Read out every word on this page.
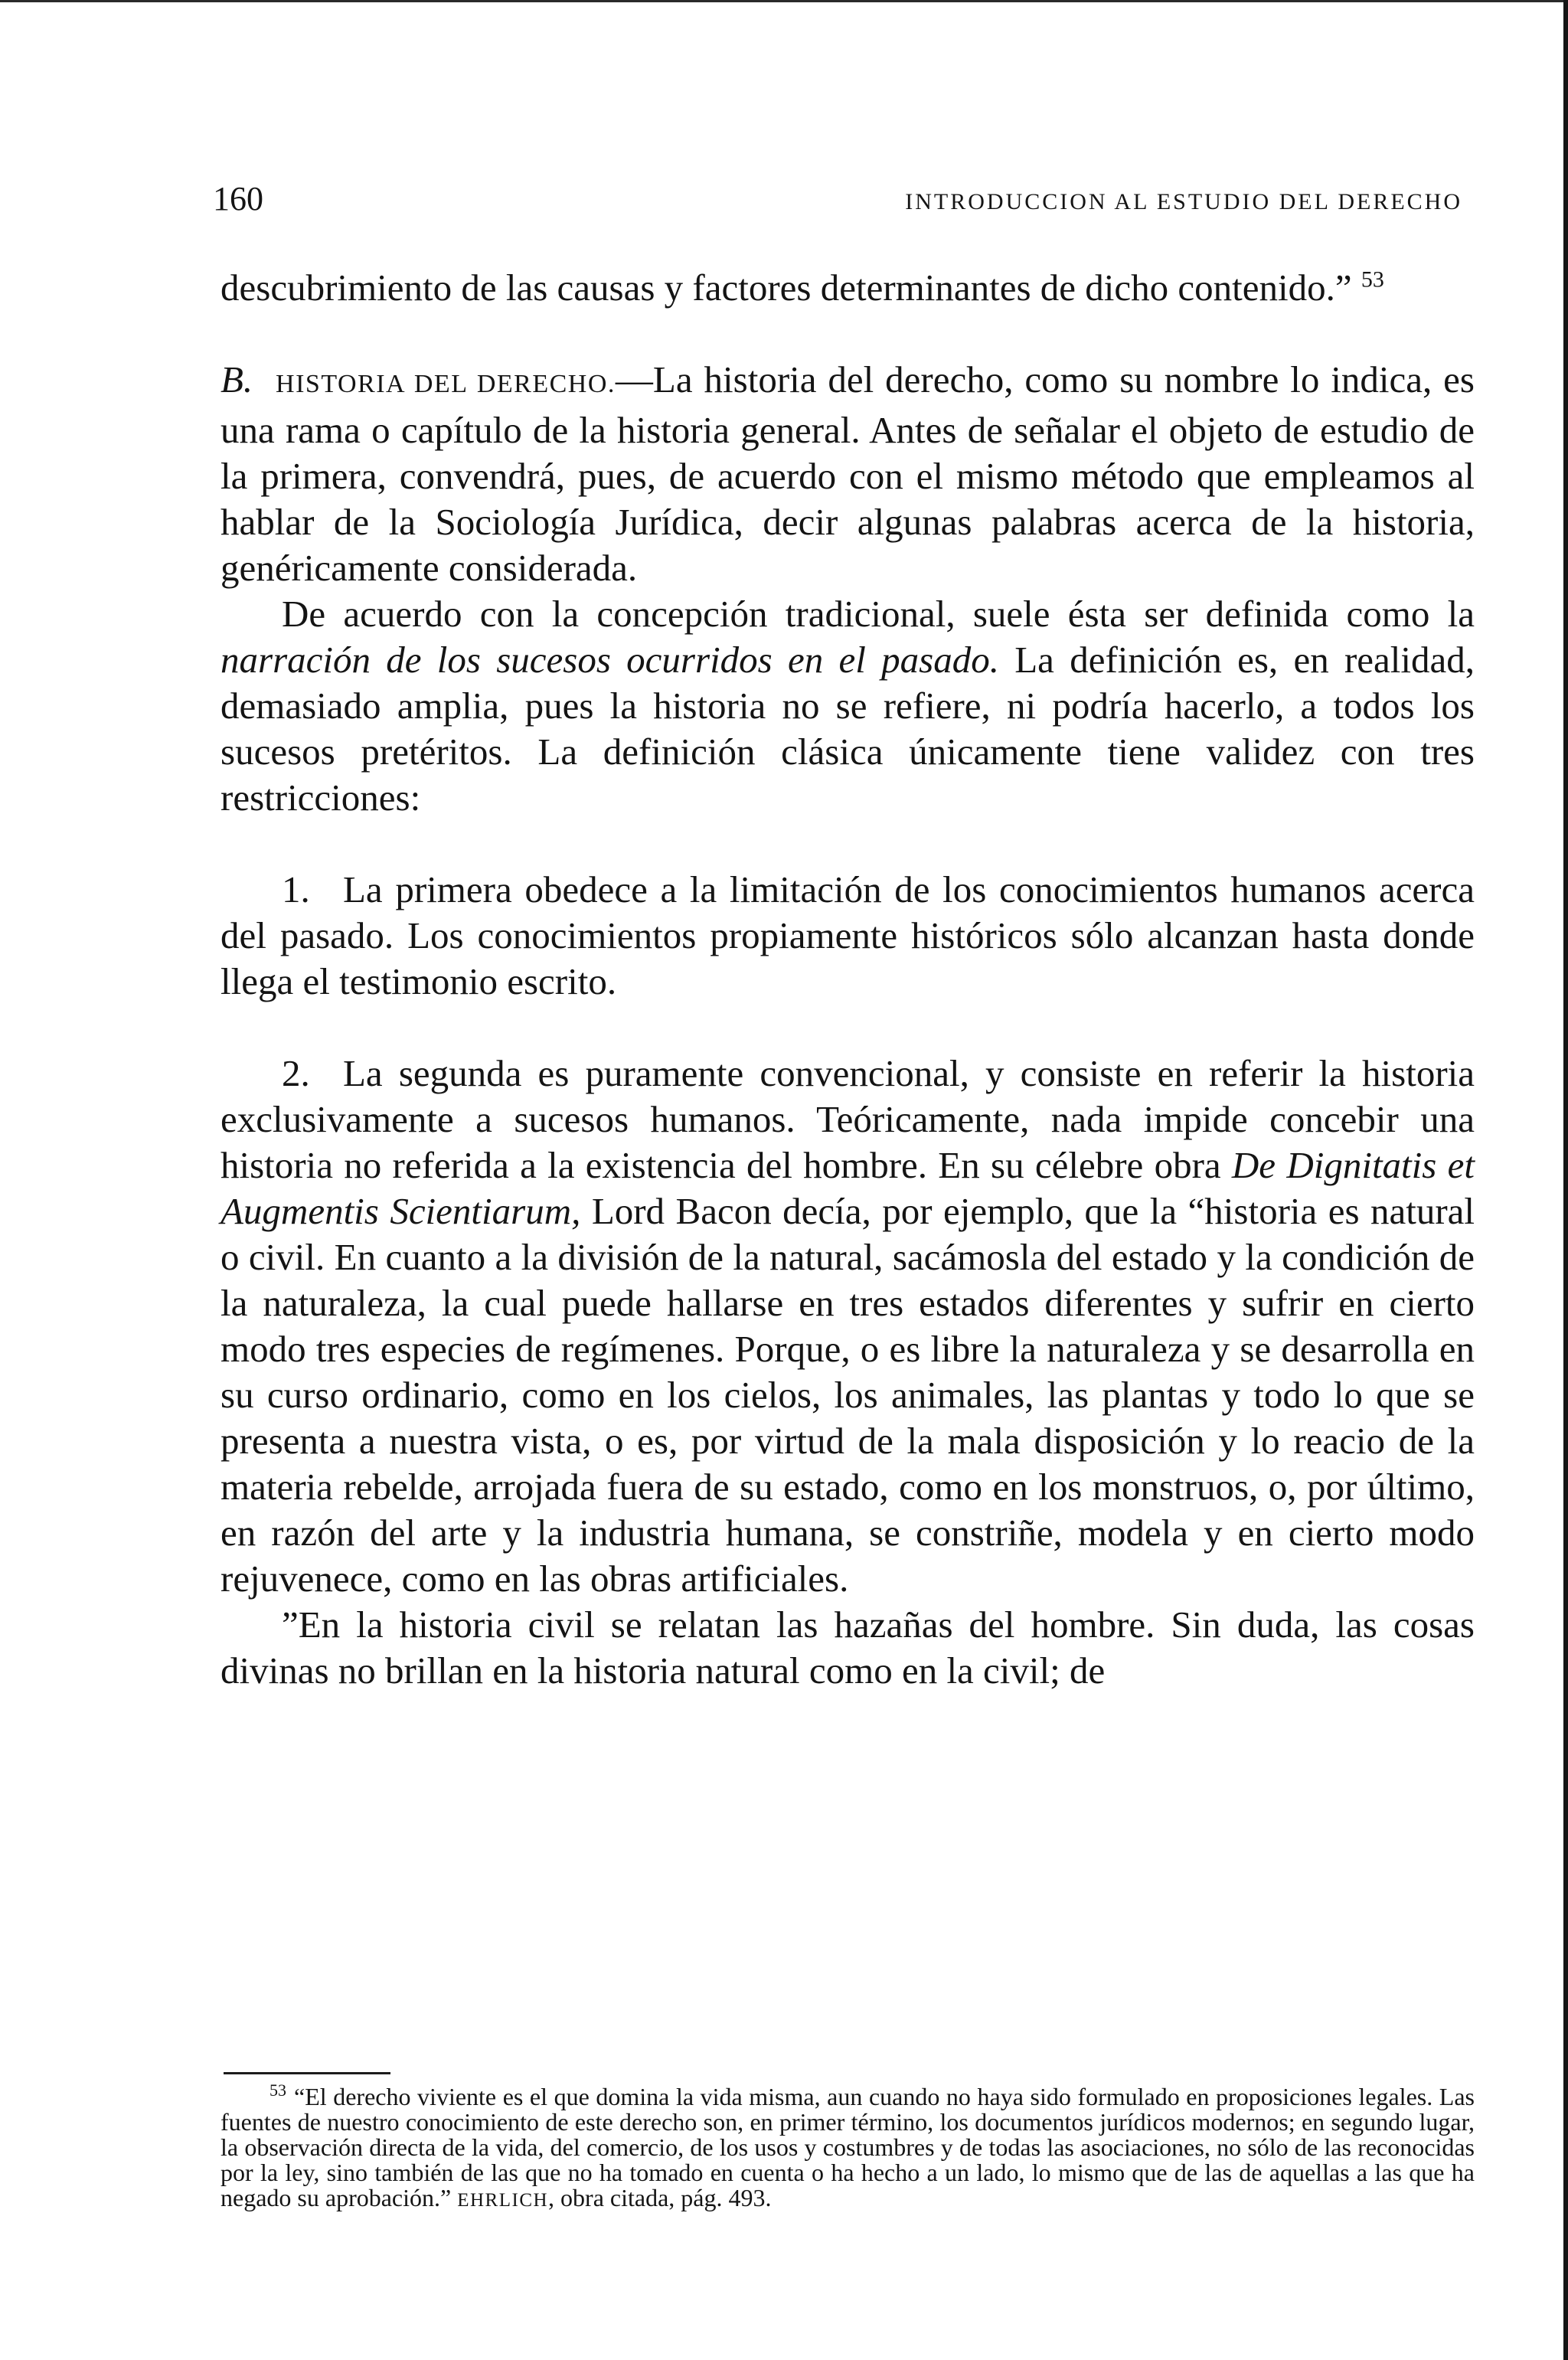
160	INTRODUCCION AL ESTUDIO DEL DERECHO

descubrimiento de las causas y factores determinantes de dicho contenido.” $^{53}$

B. HISTORIA DEL DERECHO.—La historia del derecho, como su nombre lo indica, es una rama o capítulo de la historia general. Antes de señalar el objeto de estudio de la primera, convendrá, pues, de acuerdo con el mismo método que empleamos al hablar de la Sociología Jurídica, decir algunas palabras acerca de la historia, genéricamente considerada.

De acuerdo con la concepción tradicional, suele ésta ser definida como la narración de los sucesos ocurridos en el pasado. La definición es, en realidad, demasiado amplia, pues la historia no se refiere, ni podría hacerlo, a todos los sucesos pretéritos. La definición clásica únicamente tiene validez con tres restricciones:

1. La primera obedece a la limitación de los conocimientos humanos acerca del pasado. Los conocimientos propiamente históricos sólo alcanzan hasta donde llega el testimonio escrito.

2. La segunda es puramente convencional, y consiste en referir la historia exclusivamente a sucesos humanos. Teóricamente, nada impide concebir una historia no referida a la existencia del hombre. En su célebre obra De Dignitatis et Augmentis Scientiarum, Lord Bacon decía, por ejemplo, que la “historia es natural o civil. En cuanto a la división de la natural, sacámosla del estado y la condición de la naturaleza, la cual puede hallarse en tres estados diferentes y sufrir en cierto modo tres especies de regímenes. Porque, o es libre la naturaleza y se desarrolla en su curso ordinario, como en los cielos, los animales, las plantas y todo lo que se presenta a nuestra vista, o es, por virtud de la mala disposición y lo reacio de la materia rebelde, arrojada fuera de su estado, como en los monstruos, o, por último, en razón del arte y la industria humana, se constriñe, modela y en cierto modo rejuvenece, como en las obras artificiales.

”En la historia civil se relatan las hazañas del hombre. Sin duda, las cosas divinas no brillan en la historia natural como en la civil; de

$^{53}$ “El derecho viviente es el que domina la vida misma, aun cuando no haya sido formulado en proposiciones legales. Las fuentes de nuestro conocimiento de este derecho son, en primer término, los documentos jurídicos modernos; en segundo lugar, la observación directa de la vida, del comercio, de los usos y costumbres y de todas las asociaciones, no sólo de las reconocidas por la ley, sino también de las que no ha tomado en cuenta o ha hecho a un lado, lo mismo que de las de aquellas a las que ha negado su aprobación.” EHRLICH, obra citada, pág. 493.
